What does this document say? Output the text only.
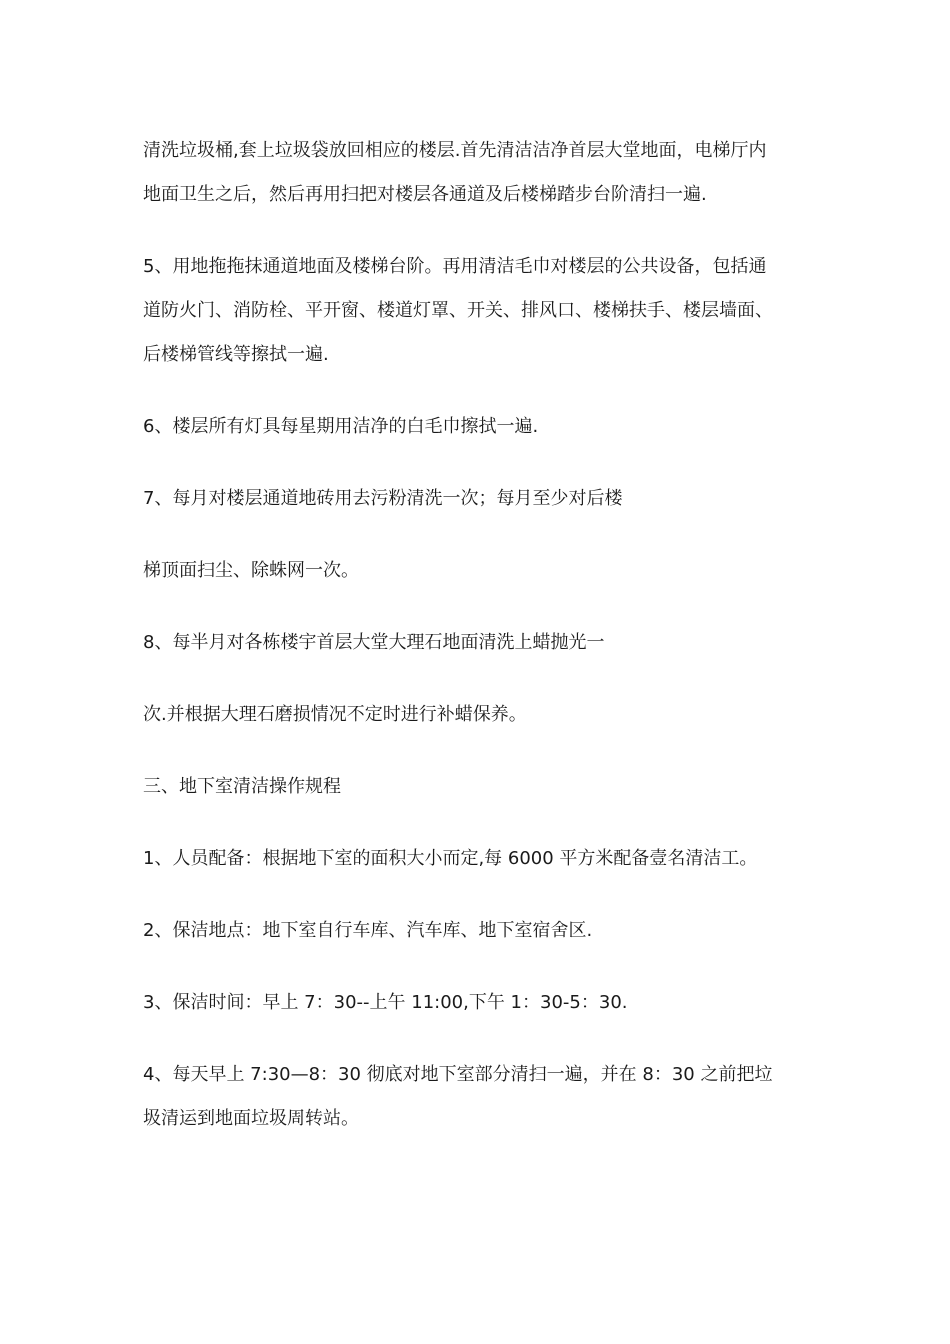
清洗垃圾桶,套上垃圾袋放回相应的楼层.首先清洁洁净首层大堂地面，电梯厅内
地面卫生之后，然后再用扫把对楼层各通道及后楼梯踏步台阶清扫一遍.

5、用地拖拖抹通道地面及楼梯台阶。再用清洁毛巾对楼层的公共设备，包括通
道防火门、消防栓、平开窗、楼道灯罩、开关、排风口、楼梯扶手、楼层墙面、
后楼梯管线等擦拭一遍.

6、楼层所有灯具每星期用洁净的白毛巾擦拭一遍.

7、每月对楼层通道地砖用去污粉清洗一次；每月至少对后楼

梯顶面扫尘、除蛛网一次。

8、每半月对各栋楼宇首层大堂大理石地面清洗上蜡抛光一

次.并根据大理石磨损情况不定时进行补蜡保养。

三、地下室清洁操作规程

1、人员配备：根据地下室的面积大小而定,每 6000 平方米配备壹名清洁工。

2、保洁地点：地下室自行车库、汽车库、地下室宿舍区.

3、保洁时间：早上 7：30--上午 11:00,下午 1：30-5：30.

4、每天早上 7:30—8：30 彻底对地下室部分清扫一遍，并在 8：30 之前把垃
圾清运到地面垃圾周转站。
